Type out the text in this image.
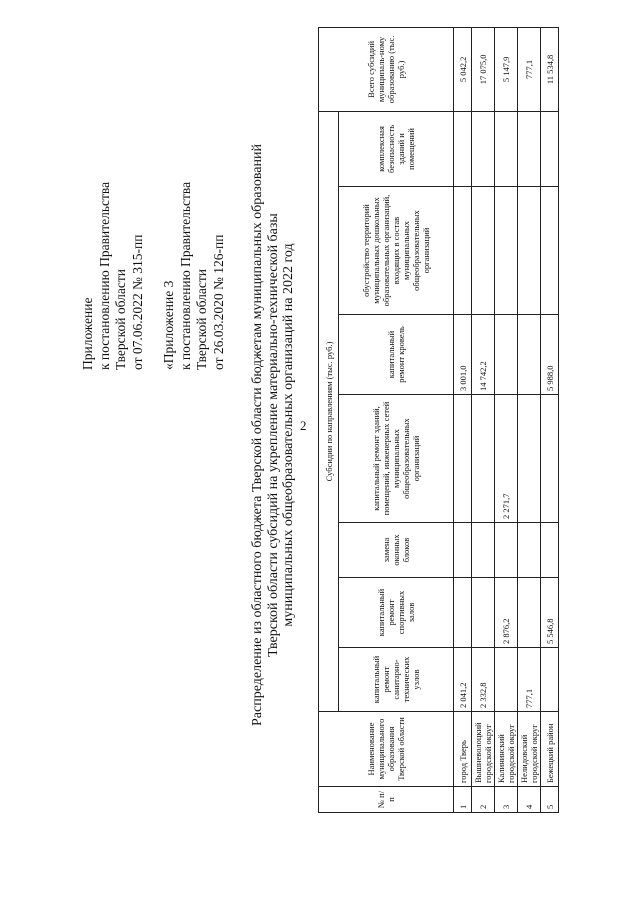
2
Приложение к постановлению Правительства Тверской области от 07.06.2022 № 315-пп «Приложение 3 к постановлению Правительства Тверской области от 26.03.2020 № 126-пп Распределение из областного бюджета Тверской области бюджетам муниципальных образований Тверской области субсидий на укрепление материально-технической базы муниципальных общеобразовательных организаций на 2022 год
№ п/п	Наименование муниципального образования Тверской области	Субсидии по направлениям (тыс. руб.)							Всего субсидий муниципаль-ному образованию (тыс. руб.)
		капитальный ремонт санитарно-технических узлов	капитальный ремонт спортивных залов	замена оконных блоков	капитальный ремонт зданий, помещений, инженерных сетей муниципальных общеобразовательных организаций	капитальный ремонт кровель	обустройство территорий муниципальных дошкольных образовательных организаций, входящих в состав муниципальных общеобразовательных организаций	комплексная безопасность зданий и помещений	
1	город Тверь	2 041,2				3 001,0			5 042,2
2	Вышневолоцкий городской округ	2 332,8				14 742,2			17 075,0
3	Калининский городской округ		2 876,2		2 271,7				5 147,9
4	Нелидовский городской округ	777,1							777,1
5	Бежецкий район		5 546,8			5 988,0			11 534,8
